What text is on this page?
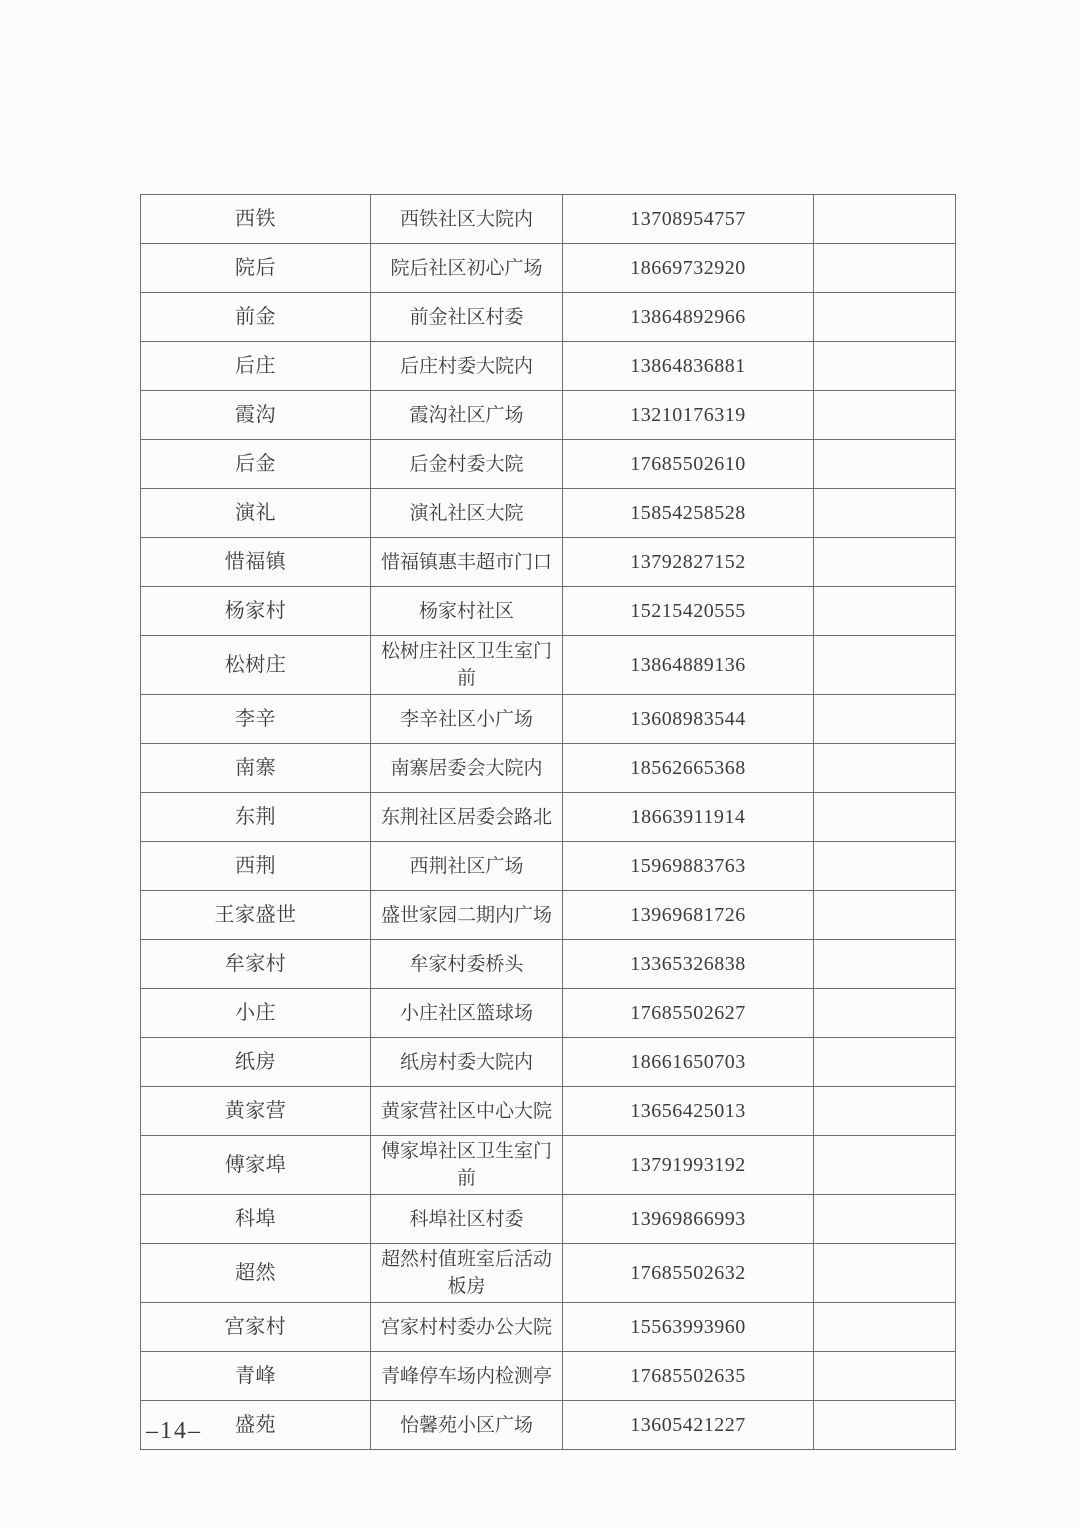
西铁	西铁社区大院内	13708954757	
院后	院后社区初心广场	18669732920	
前金	前金社区村委	13864892966	
后庄	后庄村委大院内	13864836881	
霞沟	霞沟社区广场	13210176319	
后金	后金村委大院	17685502610	
演礼	演礼社区大院	15854258528	
惜福镇	惜福镇惠丰超市门口	13792827152	
杨家村	杨家村社区	15215420555	
松树庄	松树庄社区卫生室门前	13864889136	
李辛	李辛社区小广场	13608983544	
南寨	南寨居委会大院内	18562665368	
东荆	东荆社区居委会路北	18663911914	
西荆	西荆社区广场	15969883763	
王家盛世	盛世家园二期内广场	13969681726	
牟家村	牟家村委桥头	13365326838	
小庄	小庄社区篮球场	17685502627	
纸房	纸房村委大院内	18661650703	
黄家营	黄家营社区中心大院	13656425013	
傅家埠	傅家埠社区卫生室门前	13791993192	
科埠	科埠社区村委	13969866993	
超然	超然村值班室后活动板房	17685502632	
宫家村	宫家村村委办公大院	15563993960	
青峰	青峰停车场内检测亭	17685502635	
盛苑	怡馨苑小区广场	13605421227	
–14–
